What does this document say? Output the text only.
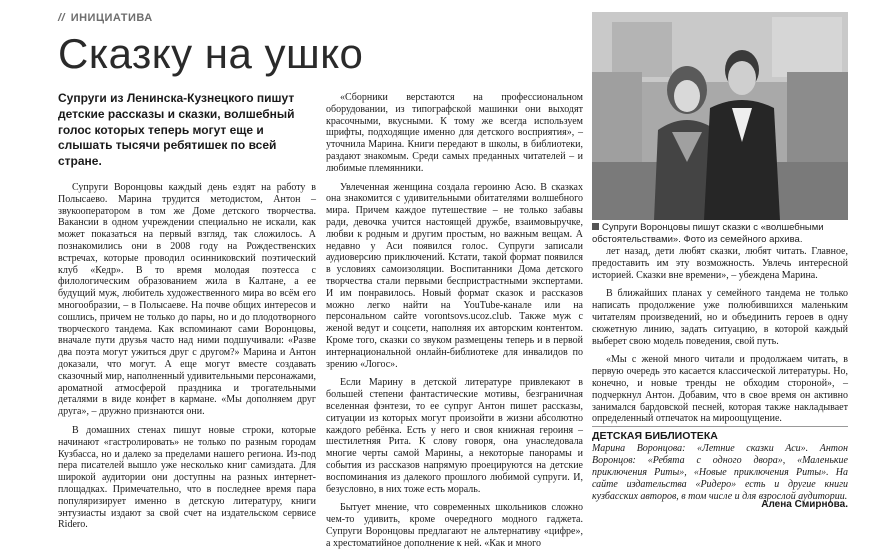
// ИНИЦИАТИВА
Сказку на ушко

Супруги из Ленинска-Кузнецкого пишут детские рассказы и сказки, волшебный голос которых теперь могут еще и слышать тысячи ребятишек по всей стране.

Супруги Воронцовы каждый день ездят на работу в Полысаево. Марина трудится методистом, Антон – звукооператором в том же Доме детского творчества. Вакансии в одном учреждении специально не искали, как может показаться на первый взгляд, так сложилось. А познакомились они в 2008 году на Рождественских встречах, которые проводил осинниковский поэтический клуб «Кедр». В то время молодая поэтесса с филологическим образованием жила в Калтане, а ее будущий муж, любитель художественного мира во всём его многообразии, – в Полысаеве. На почве общих интересов и сошлись, причем не только до пары, но и до плодотворного творческого тандема. Как вспоминают сами Воронцовы, вначале пути друзья часто над ними подшучивали: «Разве два поэта могут ужиться друг с другом?» Марина и Антон доказали, что могут. А еще могут вместе создавать сказочный мир, наполненный удивительными персонажами, ароматной атмосферой праздника и трогательными деталями в виде конфет в кармане. «Мы дополняем друг друга», – дружно признаются они.

В домашних стенах пишут новые строки, которые начинают «гастролировать» не только по разным городам Кузбасса, но и далеко за пределами нашего региона. Из-под пера писателей вышло уже несколько книг самиздата. Для широкой аудитории они доступны на разных интернет-площадках. Примечательно, что в последнее время пара популяризирует именно в детскую литературу, книги энтузиасты издают за свой счет на издательском сервисе Ridero.

«Сборники верстаются на профессиональном оборудовании, из типографской машинки они выходят красочными, вкусными. К тому же всегда используем шрифты, подходящие именно для детского восприятия», – уточнила Марина. Книги передают в школы, в библиотеки, раздают знакомым. Среди самых преданных читателей – и любимые племянники.

Увлеченная женщина создала героиню Асю. В сказках она знакомится с удивительными обитателями волшебного мира. Причем каждое путешествие – не только забавы ради, девочка учится настоящей дружбе, взаимовыручке, любви к родным и другим простым, но важным вещам. А недавно у Аси появился голос. Супруги записали аудиоверсию приключений. Кстати, такой формат появился в условиях самоизоляции. Воспитанники Дома детского творчества стали первыми беспристрастными экспертами. И им понравилось. Новый формат сказок и рассказов можно легко найти на YouTube-канале или на персональном сайте vorontsovs.ucoz.club. Также муж с женой ведут и соцсети, наполняя их авторским контентом. Кроме того, сказки со звуком размещены теперь и в первой интернациональной онлайн-библиотеке для инвалидов по зрению «Логос».

Если Марину в детской литературе привлекают в большей степени фантастические мотивы, безграничная вселенная фэнтези, то ее супруг Антон пишет рассказы, ситуации из которых могут произойти в жизни абсолютно каждого ребёнка. Есть у него и своя книжная героиня – шестилетняя Рита. К слову говоря, она унаследовала многие черты самой Марины, а некоторые панорамы и события из рассказов напрямую проецируются на детские воспоминания из далекого прошлого любимой супруги. И, безусловно, в них тоже есть мораль.

Бытует мнение, что современных школьников сложно чем-то удивить, кроме очередного модного гаджета. Супруги Воронцовы предлагают не альтернативу «цифре», а хрестоматийное дополнение к ней. «Как и много

Супруги Воронцовы пишут сказки с «волшебными обстоятельствами». Фото из семейного архива.

лет назад, дети любят сказки, любят читать. Главное, предоставить им эту возможность. Увлечь интересной историей. Сказки вне времени», – убеждена Марина.

В ближайших планах у семейного тандема не только написать продолжение уже полюбившихся маленьким читателям произведений, но и объединить героев в одну сюжетную линию, задать ситуацию, в которой каждый выберет свою модель поведения, свой путь.

«Мы с женой много читали и продолжаем читать, в первую очередь это касается классической литературы. Но, конечно, и новые тренды не обходим стороной», – подчеркнул Антон. Добавим, что в свое время он активно занимался бардовской песней, которая также накладывает определенный отпечаток на мироощущение.

ДЕТСКАЯ БИБЛИОТЕКА

Марина Воронцова: «Летние сказки Аси». Антон Воронцов: «Ребята с одного двора», «Маленькие приключения Риты», «Новые приключения Риты». На сайте издательства «Ридеро» есть и другие книги кузбасских авторов, в том числе и для взрослой аудитории.

Алена Смирнова.
